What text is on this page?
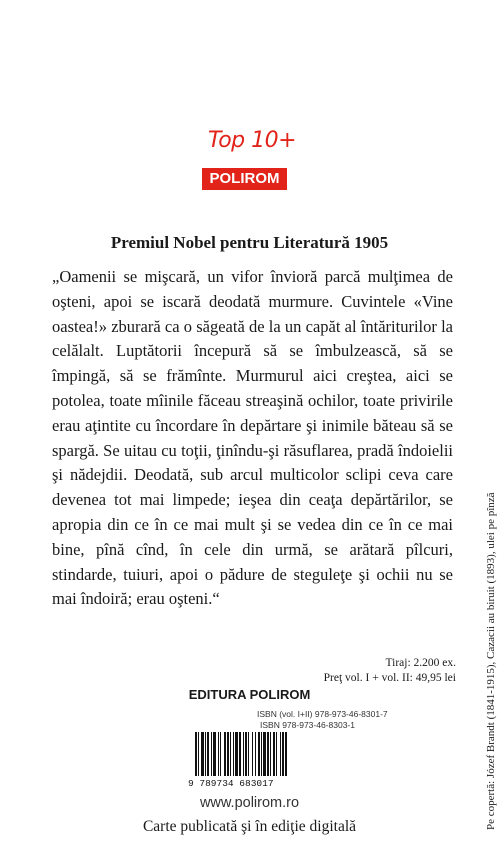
Top 10+
POLIROM
Premiul Nobel pentru Literatură 1905
„Oamenii se mişcară, un vifor învioră parcă mulţimea de oşteni, apoi se iscară deodată murmure. Cuvintele «Vine oastea!» zburară ca o săgeată de la un capăt al întăriturilor la celălalt. Luptătorii începură să se îmbulzească, să se împingă, să se frămînte. Murmurul aici creştea, aici se potolea, toate mîinile făceau streaşină ochilor, toate privirile erau aţintite cu încordare în depărtare şi inimile băteau să se spargă. Se uitau cu toţii, ţinîndu-şi răsuflarea, pradă îndoielii şi nădejdii. Deodată, sub arcul multicolor sclipi ceva care devenea tot mai limpede; ieşea din ceaţa depărtărilor, se apropia din ce în ce mai mult şi se vedea din ce în ce mai bine, pînă cînd, în cele din urmă, se arătară pîlcuri, stindarde, tuiuri, apoi o pădure de steguleţe şi ochii nu se mai îndoiră; erau oşteni.“
Tiraj: 2.200 ex.
Preţ vol. I + vol. II: 49,95 lei
EDITURA POLIROM
ISBN (vol. I+II) 978-973-46-8301-7
ISBN 978-973-46-8303-1
9 789734 683017
www.polirom.ro
Carte publicată şi în ediţie digitală	Pe copertă: Józef Brandt (1841-1915), Cazacii au biruit (1893), ulei pe pînză
